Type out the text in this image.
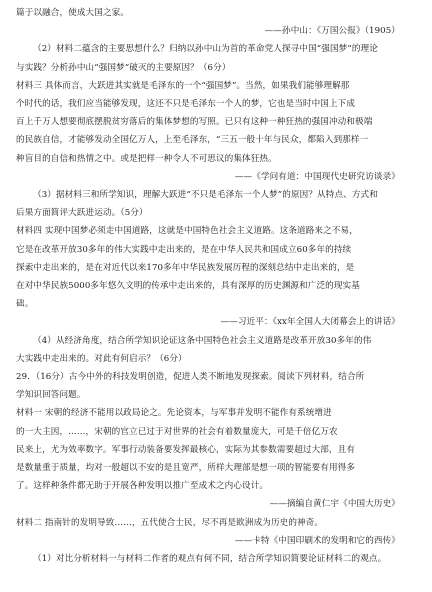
篇于以融合，使成大国之家。
——孙中山：《万国公报》（1905）
（2）材料二蕴含的主要思想什么？归纳以孙中山为首的革命党人探寻中国“强国梦”的理论
与实践？分析孙中山“强国梦”破灭的主要原因？（6分）
材料三 具体而言，大跃进其实就是毛泽东的一个“强国梦”。当然，如果我们能够理解那
个时代的话，我们应当能够发现，这还不只是毛泽东一个人的梦，它也是当时中国上下成
百上千万人想要彻底摆脱贫穷落后的集体梦想的写照。已只有这种一种狂热的强国冲动和极端
的民族自信，才能够发动全国亿万人，上至毛泽东，“三五一般十年与民众，都陷入到那样一
种盲目的自信和热情之中。或是把样一种令人不可思议的集体狂热。
——《学问有道：中国现代史研究访谈录》
（3）据材料三和所学知识，理解大跃进“不只是毛泽东一个人梦”的原因？从特点、方式和
后果方面简评大跃进运动。（5分）
材料四 实现中国梦必须走中国道路，这就是中国特色社会主义道路。这条道路来之不易，
它是在改革开放30多年的伟大实践中走出来的，是在中华人民共和国成立60多年的持续
探索中走出来的，是在对近代以来170多年中华民族发展历程的深刻总结中走出来的，是
在对中华民族5000多年悠久文明的传承中走出来的，具有深厚的历史渊源和广泛的现实基
础。
——习近平：《xx年全国人大闭幕会上的讲话》
（4）从经济角度，结合所学知识论证这条中国特色社会主义道路是改革开放30多年的伟
大实践中走出来的。对此有何启示？（6分）
29．（16分）古今中外的科技发明创造，促进人类不断地发现探索。阅读下列材料，结合所
学知识回答问题。
材料一 宋朝的经济不能用以政局论之。先论资本，与军事并发明不能作有系统增进
的一大主因，……，宋朝的官立已过于对世界的社会有着数量庞大，可是千倍亿万农
民来上，尤为效率数字。军事行动装备要发挥最核心，实际为其参数需要超过大部，且有
是数量重于质量，均对一般超以不安的是且宽严，所样大理部是想一项的智能要有用得多
了。这样种条件都无助于开展各种发明以推广至成术之内心设计。
——摘编自黄仁宇《中国大历史》
材料二 指南针的发明导致……，五代使合士民，尽不再是欧洲成为历史的神奇。
——卡特《中国印刷术的发明和它的西传》
（1）对比分析材料一与材料二作者的观点有何不同，结合所学知识简要论证材料二的观点。
